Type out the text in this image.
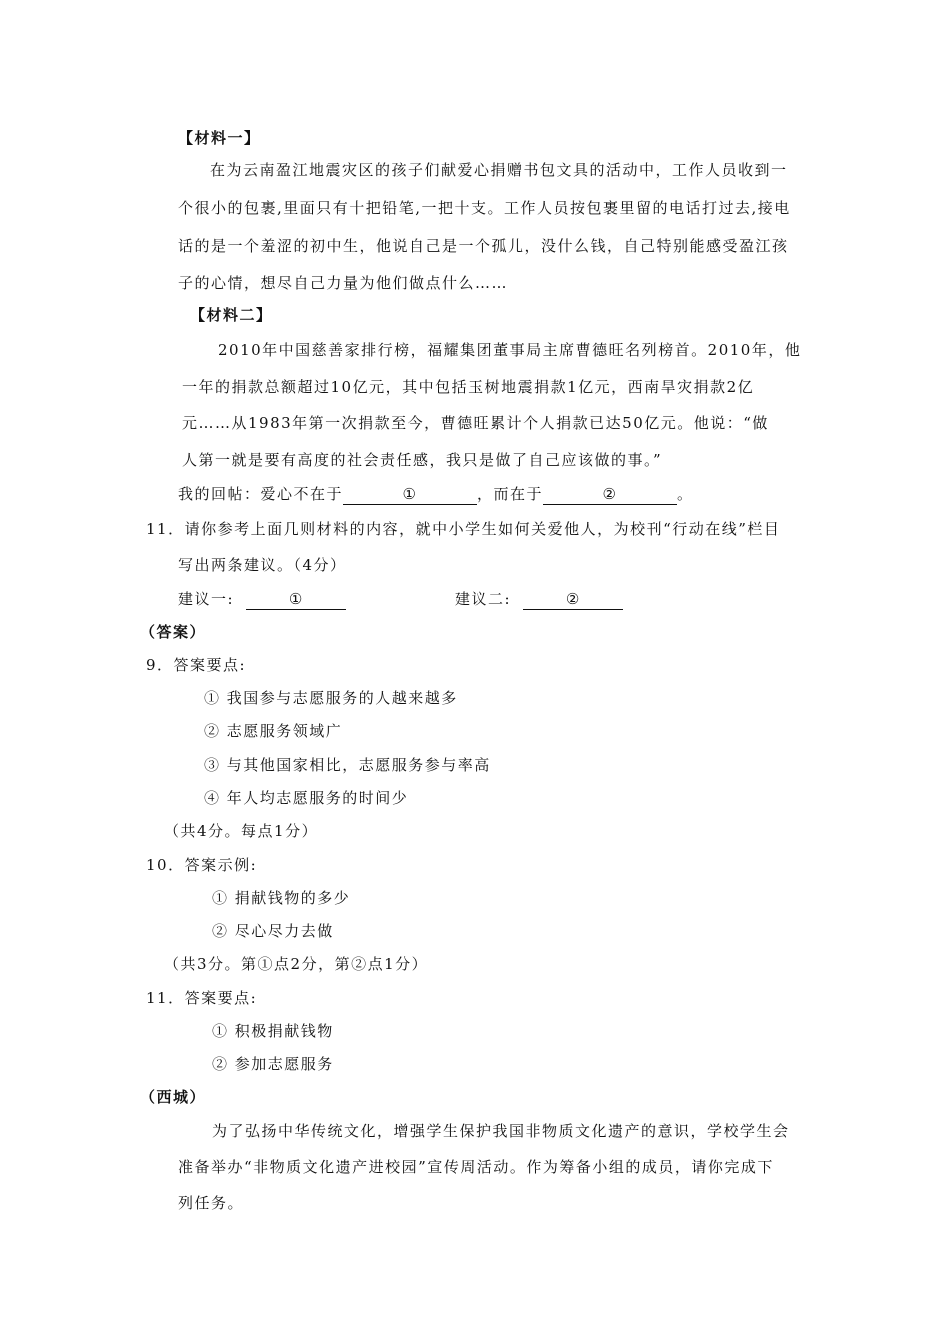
【材料一】
在为云南盈江地震灾区的孩子们献爱心捐赠书包文具的活动中，工作人员收到一
个很小的包裹,里面只有十把铅笔,一把十支。工作人员按包裹里留的电话打过去,接电
话的是一个羞涩的初中生，他说自己是一个孤儿，没什么钱，自己特别能感受盈江孩
子的心情，想尽自己力量为他们做点什么……
【材料二】
2010年中国慈善家排行榜，福耀集团董事局主席曹德旺名列榜首。2010年，他
一年的捐款总额超过10亿元，其中包括玉树地震捐款1亿元，西南旱灾捐款2亿
元……从1983年第一次捐款至今，曹德旺累计个人捐款已达50亿元。他说：“做
人第一就是要有高度的社会责任感，我只是做了自己应该做的事。”
我的回帖：爱心不在于	①	，而在于	②	。
11．请你参考上面几则材料的内容，就中小学生如何关爱他人，为校刊“行动在线”栏目
写出两条建议。（4分）
建议一:	①	建议二:	②
（答案）
9．答案要点:
① 我国参与志愿服务的人越来越多
② 志愿服务领域广
③ 与其他国家相比，志愿服务参与率高
④ 年人均志愿服务的时间少
（共4分。每点1分）
10．答案示例:
① 捐献钱物的多少
② 尽心尽力去做
（共3分。第①点2分，第②点1分）
11．答案要点:
① 积极捐献钱物
② 参加志愿服务
（西城）
为了弘扬中华传统文化，增强学生保护我国非物质文化遗产的意识，学校学生会
准备举办“非物质文化遗产进校园”宣传周活动。作为筹备小组的成员，请你完成下
列任务。
